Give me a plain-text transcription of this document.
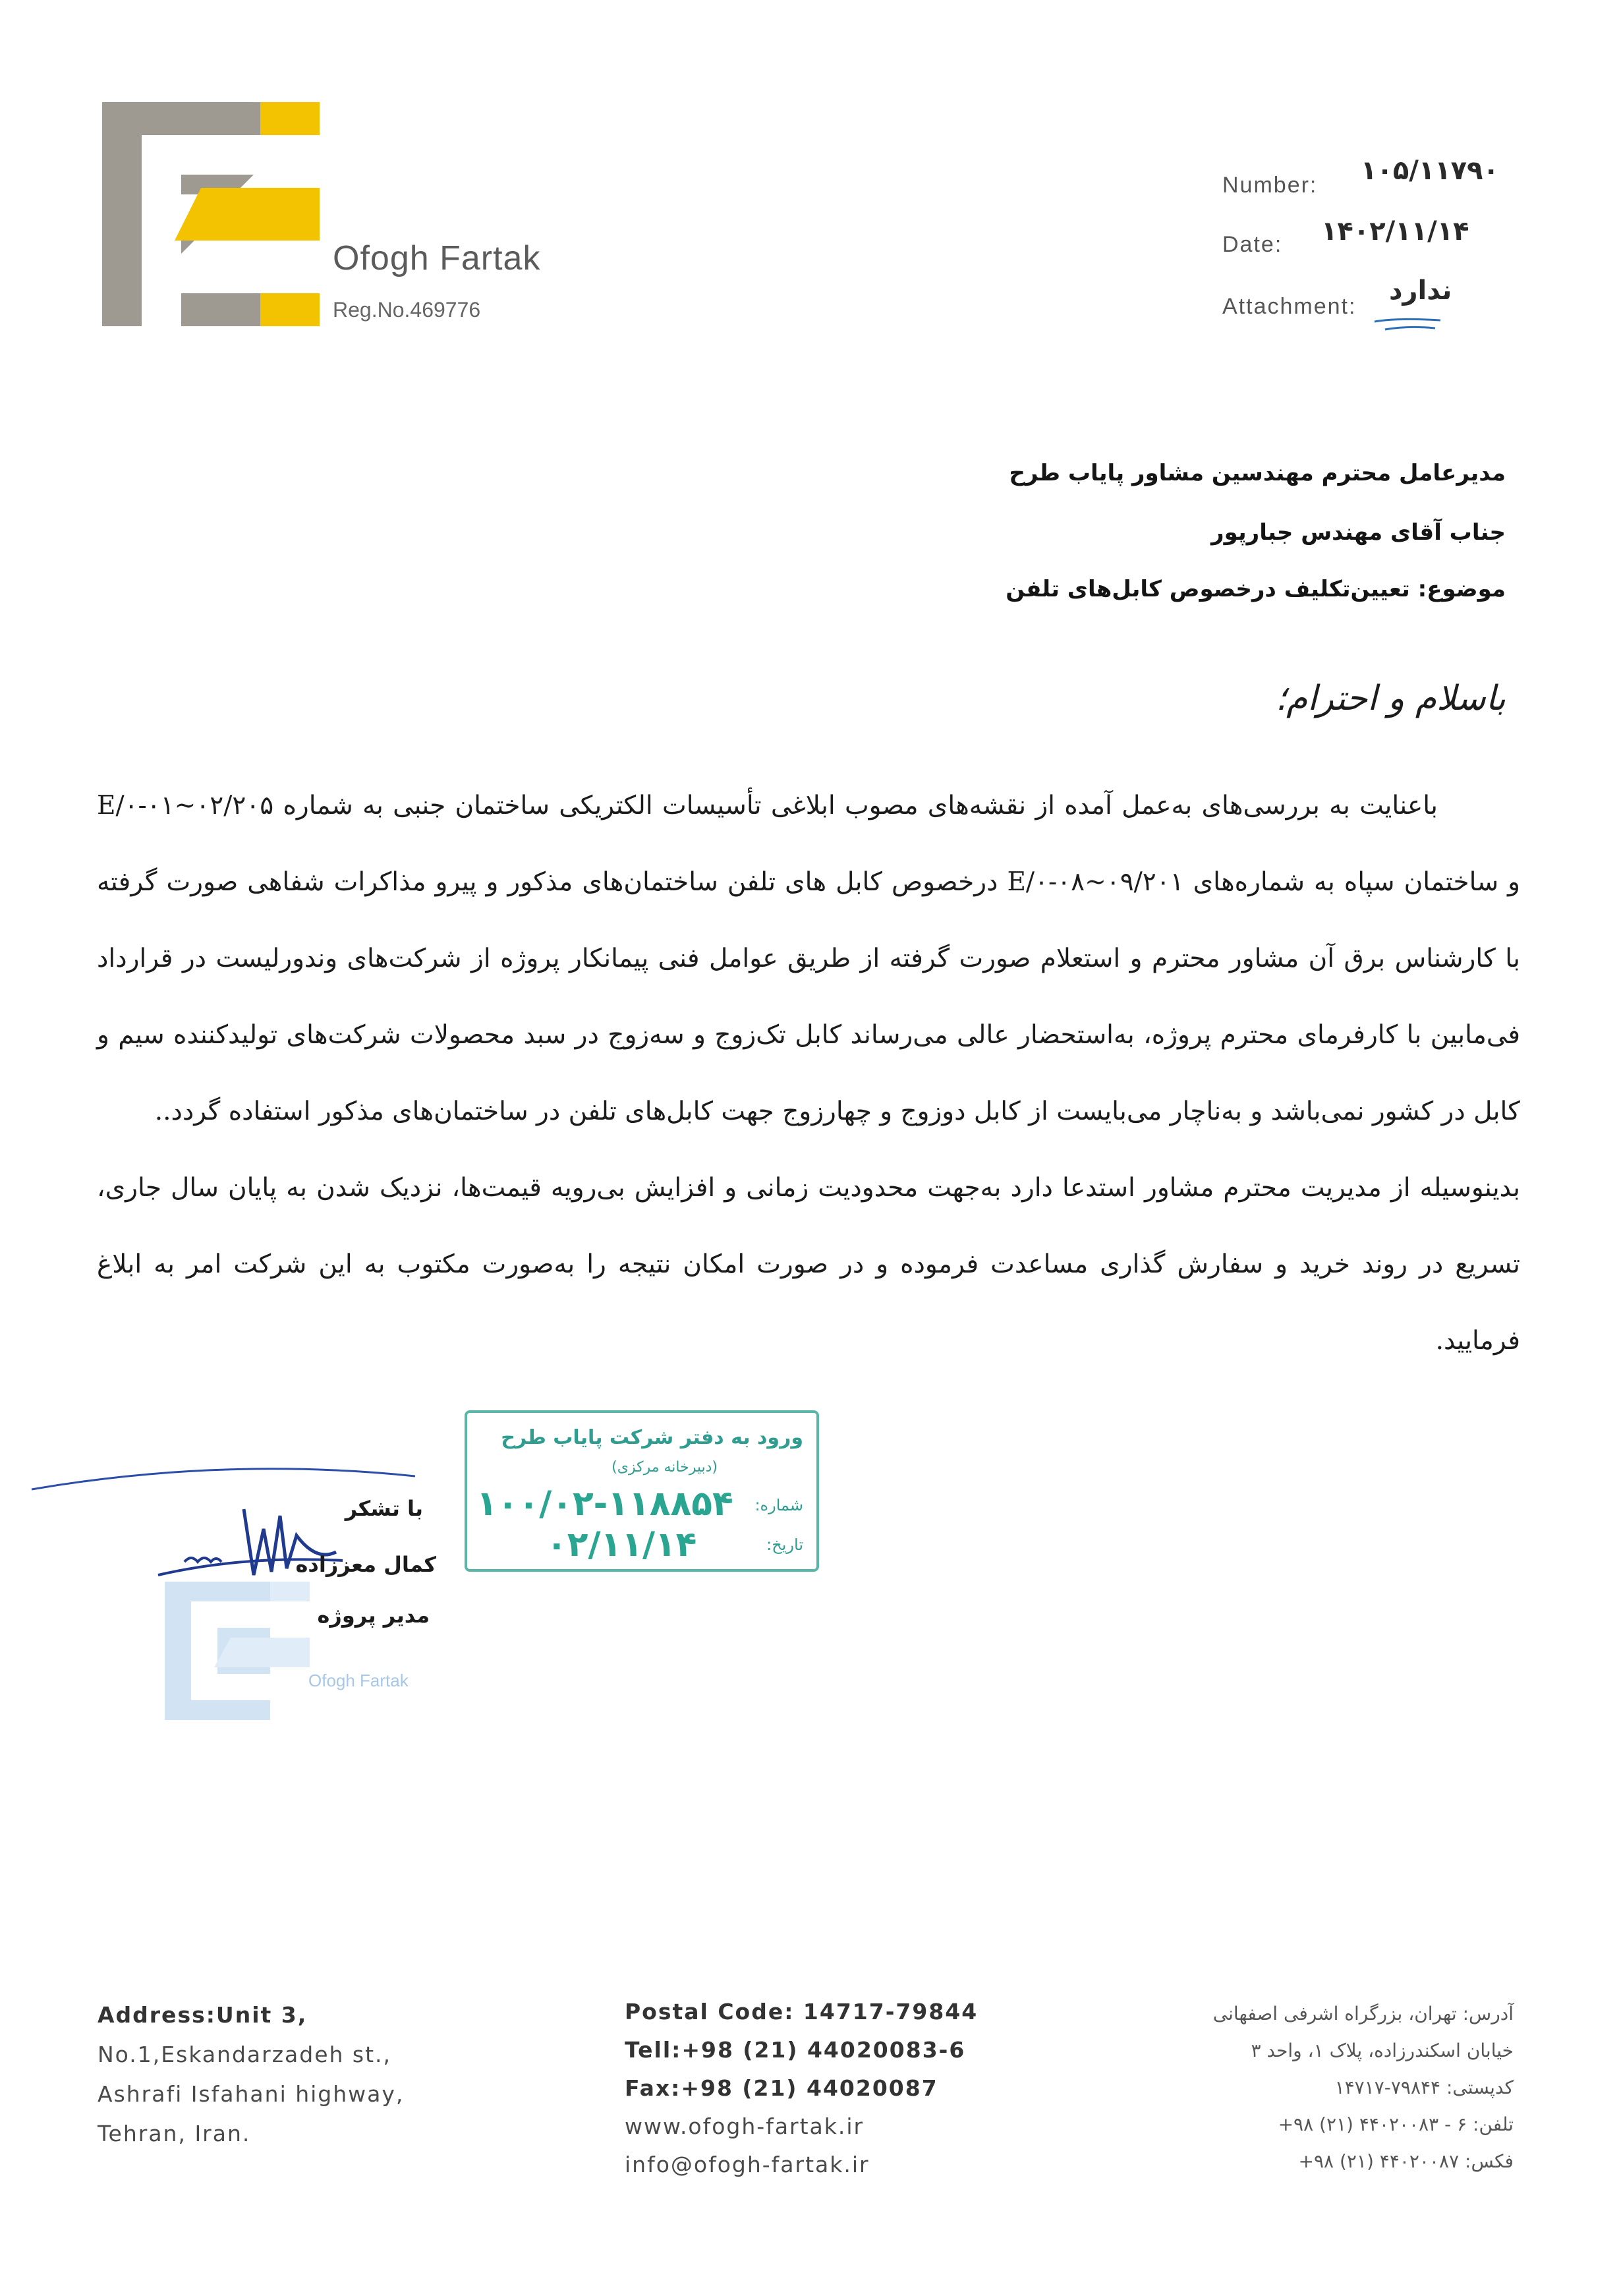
Ofogh Fartak
Reg.No.469776
Number: ۱۰۵/۱۱۷۹۰
Date: ۱۴۰۲/۱۱/۱۴
Attachment:
ندارد
مدیرعامل محترم مهندسین مشاور پایاب طرح
جناب آقای مهندس جبارپور
موضوع: تعیین‌تکلیف درخصوص کابل‌های تلفن
باسلام و احترام؛

باعنایت به بررسی‌های به‌عمل آمده از نقشه‌های مصوب ابلاغی تأسیسات الکتریکی ساختمان جنبی به شماره ۲۰۵/E/۰-۰۱~۰۲ و ساختمان سپاه به شماره‌های ۲۰۱/E/۰-۰۸~۰۹ درخصوص کابل های تلفن ساختمان‌های مذکور و پیرو مذاکرات شفاهی صورت گرفته با کارشناس برق آن مشاور محترم و استعلام صورت گرفته از طریق عوامل فنی پیمانکار پروژه از شرکت‌های وندورلیست در قرارداد فی‌مابین با کارفرمای محترم پروژه، به‌استحضار عالی می‌رساند کابل تک‌زوج و سه‌زوج در سبد محصولات شرکت‌های تولیدکننده سیم و کابل در کشور نمی‌باشد و به‌ناچار می‌بایست از کابل دوزوج و چهارزوج جهت کابل‌های تلفن در ساختمان‌های مذکور استفاده گردد..

بدینوسیله از مدیریت محترم مشاور استدعا دارد به‌جهت محدودیت زمانی و افزایش بی‌رویه قیمت‌ها، نزدیک شدن به پایان سال جاری، تسریع در روند خرید و سفارش گذاری مساعدت فرموده و در صورت امکان نتیجه را به‌صورت مکتوب به این شرکت امر به ابلاغ فرمایید.

ورود به دفتر شرکت پایاب طرح
(دبیرخانه مرکزی)
شماره:
تاریخ:
۱۰۰/۰۲-۱۱۸۸۵۴
۰۲/۱۱/۱۴
Ofogh Fartak
با تشکر
کمال معززاده
مدیر پروژه
Address:Unit 3,
No.1,Eskandarzadeh st.,
Ashrafi Isfahani highway,
Tehran, Iran.
Postal Code: 14717-79844
Tell:+98 (21) 44020083-6
Fax:+98 (21) 44020087
www.ofogh-fartak.ir
info@ofogh-fartak.ir
آدرس: تهران، بزرگراه اشرفی اصفهانی
خیابان اسکندرزاده، پلاک ۱، واحد ۳
کدپستی: ۷۹۸۴۴-۱۴۷۱۷
تلفن: ۶ - ۴۴۰۲۰۰۸۳ (۲۱) ۹۸+
فکس: ۴۴۰۲۰۰۸۷ (۲۱) ۹۸+
